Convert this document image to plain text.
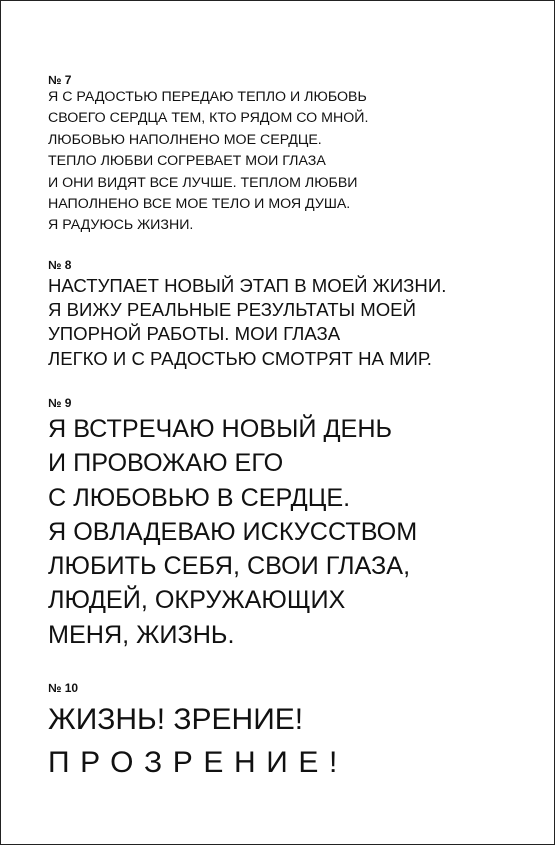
№ 7

Я С РАДОСТЬЮ ПЕРЕДАЮ ТЕПЛО И ЛЮБОВЬ
СВОЕГО СЕРДЦА ТЕМ, КТО РЯДОМ СО МНОЙ.
ЛЮБОВЬЮ НАПОЛНЕНО МОЕ СЕРДЦЕ.
ТЕПЛО ЛЮБВИ СОГРЕВАЕТ МОИ ГЛАЗА
И ОНИ ВИДЯТ ВСЕ ЛУЧШЕ. ТЕПЛОМ ЛЮБВИ
НАПОЛНЕНО ВСЕ МОЕ ТЕЛО И МОЯ ДУША.
Я РАДУЮСЬ ЖИЗНИ.

№ 8

НАСТУПАЕТ НОВЫЙ ЭТАП В МОЕЙ ЖИЗНИ.
Я ВИЖУ РЕАЛЬНЫЕ РЕЗУЛЬТАТЫ МОЕЙ
УПОРНОЙ РАБОТЫ. МОИ ГЛАЗА
ЛЕГКО И С РАДОСТЬЮ СМОТРЯТ НА МИР.

№ 9

Я ВСТРЕЧАЮ НОВЫЙ ДЕНЬ
И ПРОВОЖАЮ ЕГО
С ЛЮБОВЬЮ В СЕРДЦЕ.
Я ОВЛАДЕВАЮ ИСКУССТВОМ
ЛЮБИТЬ СЕБЯ, СВОИ ГЛАЗА,
ЛЮДЕЙ, ОКРУЖАЮЩИХ
МЕНЯ, ЖИЗНЬ.

№ 10

ЖИЗНЬ! ЗРЕНИЕ!
ПРОЗРЕНИЕ!
